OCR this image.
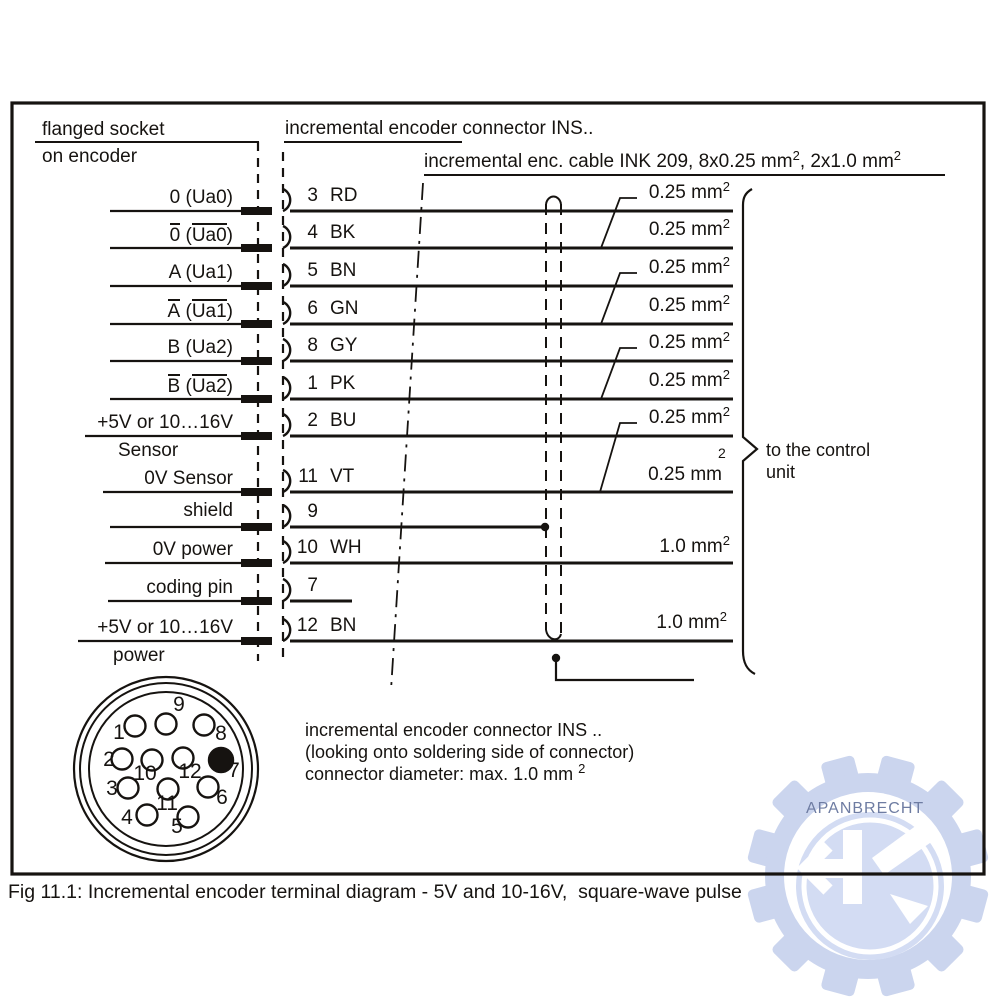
flanged socket
on encoder
incremental encoder connector INS..
incremental enc. cable INK 209, 8x0.25 $mm^2$, 2x1.0 $mm^2$
0 (Ua0)
0 (Ua0)
A (Ua1)
A (Ua1)
B (Ua2)
B (Ua2)
+5V or 10…16V
Sensor
0V Sensor
shield
0V power
coding pin
+5V or 10…16V
power
3 RD
4 BK
5 BN
6 GN
8 GY
1 PK
2 BU
11 VT
9
10 WH
7
12 BN
0.25 $mm^2$
0.25 $mm^2$
0.25 $mm^2$
0.25 $mm^2$
0.25 $mm^2$
0.25 $mm^2$
0.25 $mm^2$
0.25 mm
2
1.0 $mm^2$
1.0 $mm^2$
to the control
unit
9
1	8
2
10 12 7
3
11 6
4 5
incremental encoder connector INS ..
(looking onto soldering side of connector)
connector diameter: max. 1.0 mm $^2$
APANBRECHT
Fig 11.1: Incremental encoder terminal diagram - 5V and 10-16V,  square-wave pulse
